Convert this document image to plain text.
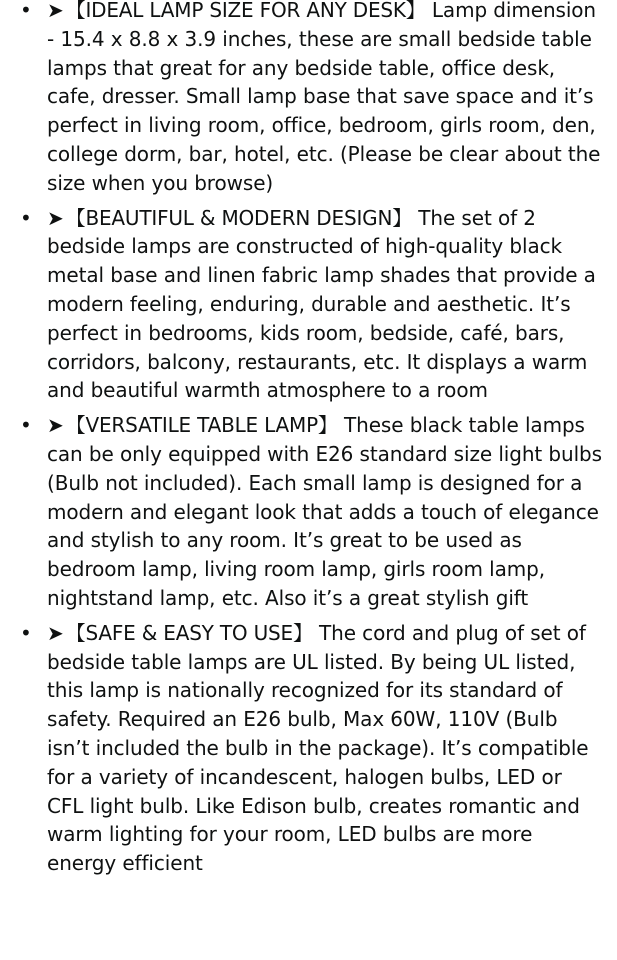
• ➤ 【IDEAL LAMP SIZE FOR ANY DESK】 Lamp dimension - 15.4 x 8.8 x 3.9 inches, these are small bedside table lamps that great for any bedside table, office desk, cafe, dresser. Small lamp base that save space and it’s perfect in living room, office, bedroom, girls room, den, college dorm, bar, hotel, etc. (Please be clear about the size when you browse)
• ➤ 【BEAUTIFUL & MODERN DESIGN】 The set of 2 bedside lamps are constructed of high-quality black metal base and linen fabric lamp shades that provide a modern feeling, enduring, durable and aesthetic. It’s perfect in bedrooms, kids room, bedside, café, bars, corridors, balcony, restaurants, etc. It displays a warm and beautiful warmth atmosphere to a room
• ➤ 【VERSATILE TABLE LAMP】 These black table lamps can be only equipped with E26 standard size light bulbs (Bulb not included). Each small lamp is designed for a modern and elegant look that adds a touch of elegance and stylish to any room. It’s great to be used as bedroom lamp, living room lamp, girls room lamp, nightstand lamp, etc. Also it’s a great stylish gift
• ➤ 【SAFE & EASY TO USE】 The cord and plug of set of bedside table lamps are UL listed. By being UL listed, this lamp is nationally recognized for its standard of safety. Required an E26 bulb, Max 60W, 110V (Bulb isn’t included the bulb in the package). It’s compatible for a variety of incandescent, halogen bulbs, LED or CFL light bulb. Like Edison bulb, creates romantic and warm lighting for your room, LED bulbs are more energy efficient
